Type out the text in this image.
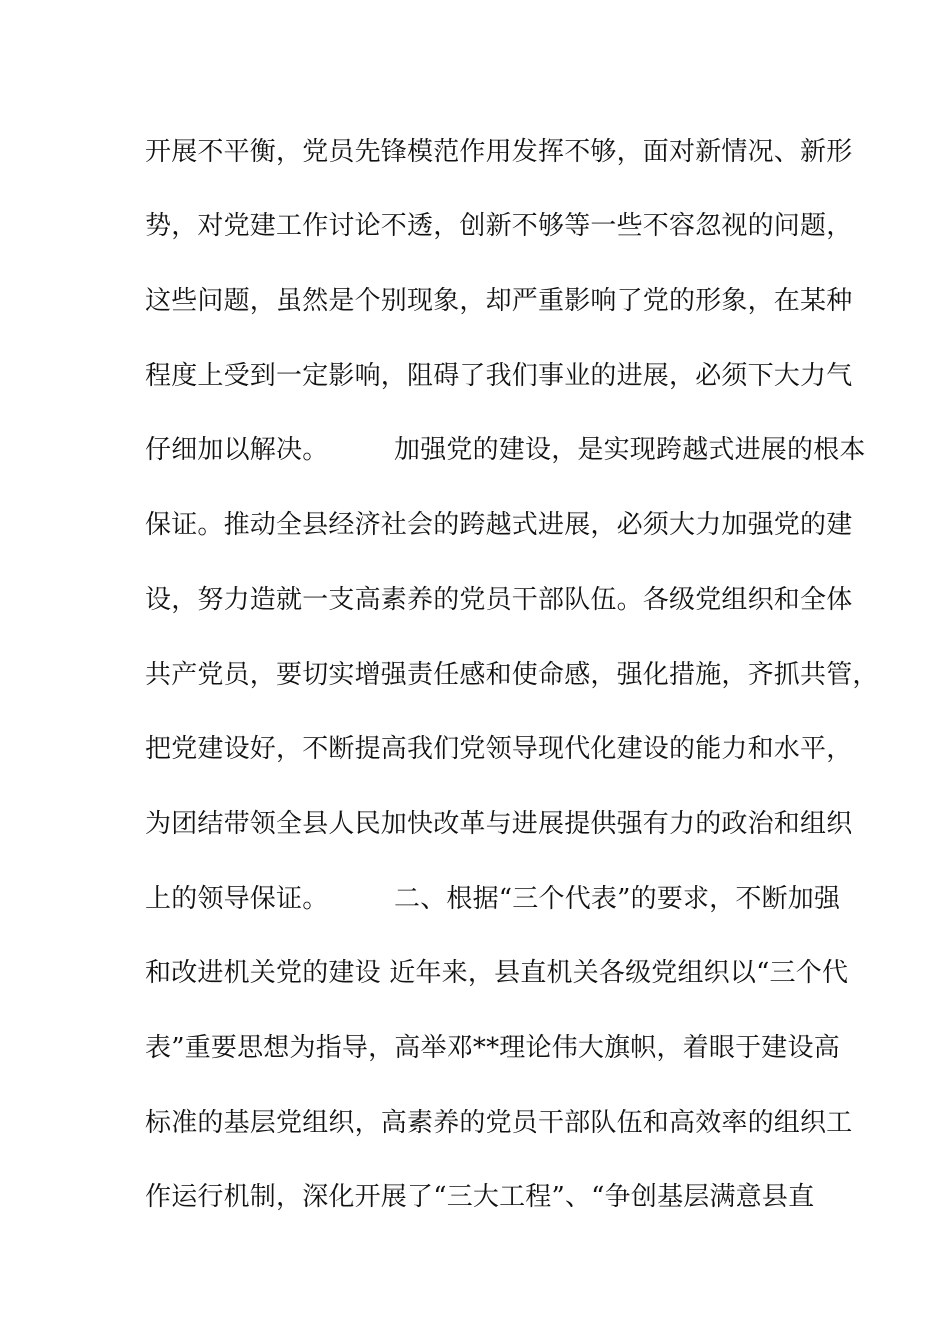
开展不平衡，党员先锋模范作用发挥不够，面对新情况、新形
势，对党建工作讨论不透，创新不够等一些不容忽视的问题，
这些问题，虽然是个别现象，却严重影响了党的形象，在某种
程度上受到一定影响，阻碍了我们事业的进展，必须下大力气
仔细加以解决。　　　加强党的建设，是实现跨越式进展的根本
保证。推动全县经济社会的跨越式进展，必须大力加强党的建
设，努力造就一支高素养的党员干部队伍。各级党组织和全体
共产党员，要切实增强责任感和使命感，强化措施，齐抓共管，
把党建设好，不断提高我们党领导现代化建设的能力和水平，
为团结带领全县人民加快改革与进展提供强有力的政治和组织
上的领导保证。　　　二、根据“三个代表”的要求，不断加强
和改进机关党的建设 近年来，县直机关各级党组织以“三个代
表”重要思想为指导，高举邓**理论伟大旗帜，着眼于建设高
标准的基层党组织，高素养的党员干部队伍和高效率的组织工
作运行机制，深化开展了“三大工程”、“争创基层满意县直
